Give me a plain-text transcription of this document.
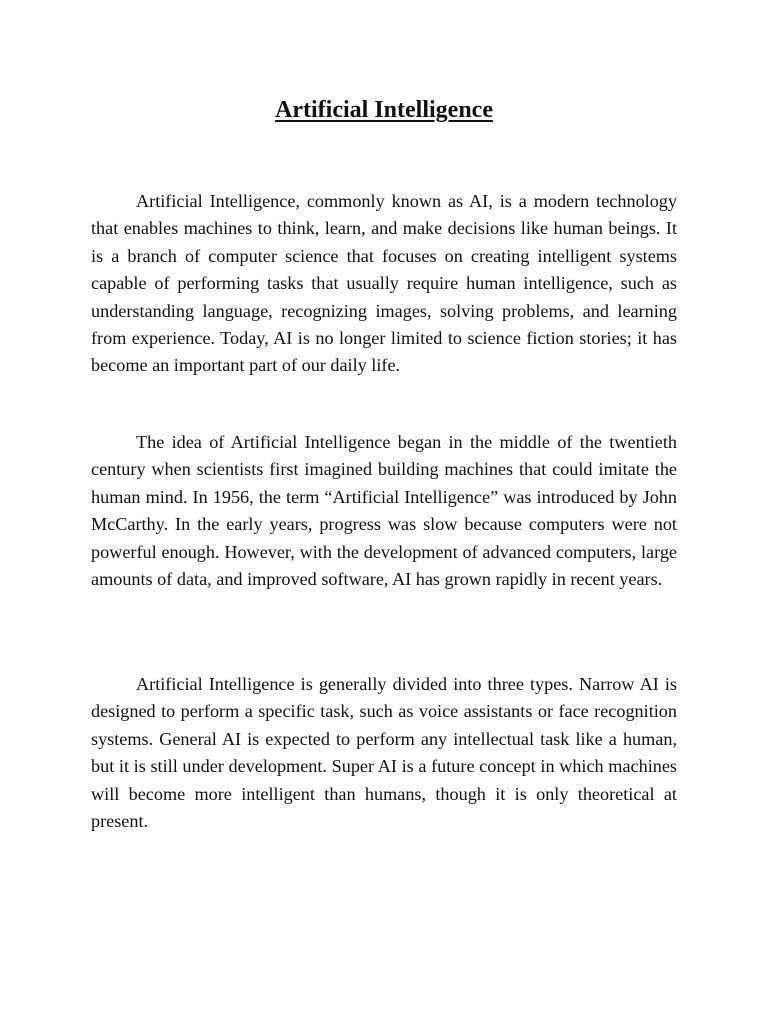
Artificial Intelligence

Artificial Intelligence, commonly known as AI, is a modern technology that enables machines to think, learn, and make decisions like human beings. It is a branch of computer science that focuses on creating intelligent systems capable of performing tasks that usually require human intelligence, such as understanding language, recognizing images, solving problems, and learning from experience. Today, AI is no longer limited to science fiction stories; it has become an important part of our daily life.

The idea of Artificial Intelligence began in the middle of the twentieth century when scientists first imagined building machines that could imitate the human mind. In 1956, the term “Artificial Intelligence” was introduced by John McCarthy. In the early years, progress was slow because computers were not powerful enough. However, with the development of advanced computers, large amounts of data, and improved software, AI has grown rapidly in recent years.

Artificial Intelligence is generally divided into three types. Narrow AI is designed to perform a specific task, such as voice assistants or face recognition systems. General AI is expected to perform any intellectual task like a human, but it is still under development. Super AI is a future concept in which machines will become more intelligent than humans, though it is only theoretical at present.
